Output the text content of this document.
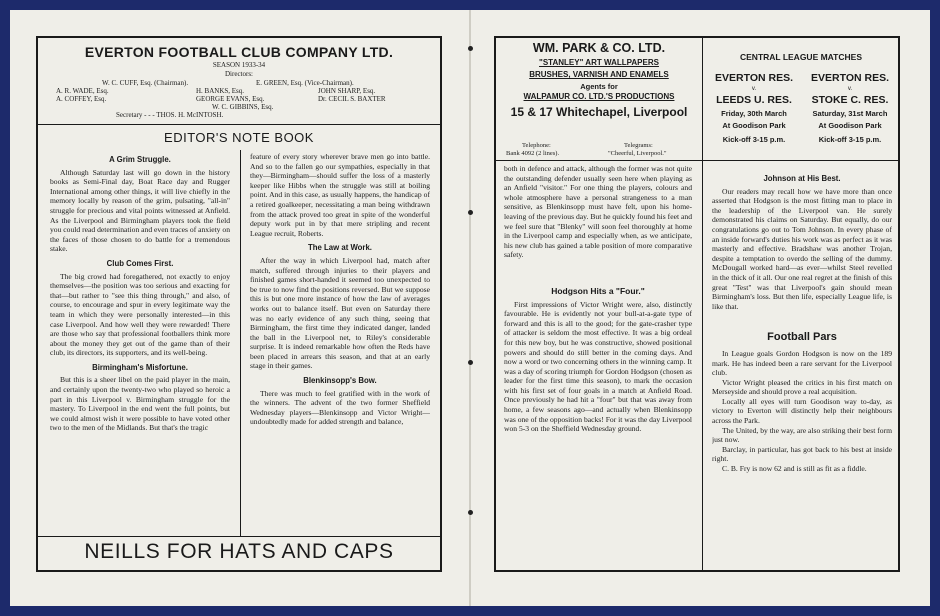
EVERTON FOOTBALL CLUB COMPANY LTD.
SEASON 1933-34
Directors:
W. C. CUFF, Esq. (Chairman).	E. GREEN, Esq. (Vice-Chairman).
A. R. WADE, Esq.	H. BANKS, Esq.	JOHN SHARP, Esq.
A. COFFEY, Esq.	GEORGE EVANS, Esq.	Dr. CECIL S. BAXTER
W. C. GIBBINS, Esq.
Secretary - - - THOS. H. McINTOSH.
EDITOR'S NOTE BOOK
A Grim Struggle.

Although Saturday last will go down in the history books as Semi-Final day, Boat Race day and Rugger International among other things, it will live chiefly in the memory locally by reason of the grim, pulsating, "all-in" struggle for precious and vital points witnessed at Anfield. As the Liverpool and Birmingham players took the field you could read determination and even traces of anxiety on the faces of those chosen to do battle for a tremendous stake.

Club Comes First.

The big crowd had foregathered, not exactly to enjoy themselves—the position was too serious and exacting for that—but rather to "see this thing through," and also, of course, to encourage and spur in every legitimate way the team in which they were personally interested—in this case Liverpool. And how well they were rewarded! There are those who say that professional footballers think more about the money they get out of the game than of their club, its directors, its supporters, and its well-being.

Birmingham's Misfortune.

But this is a sheer libel on the paid player in the main, and certainly upon the twenty-two who played so heroic a part in this Liverpool v. Birmingham struggle for the mastery. To Liverpool in the end went the full points, but we could almost wish it were possible to have voted other two to the men of the Midlands. But that's the tragic

feature of every story wherever brave men go into battle. And so to the fallen go our sympathies, especially in that they—Birmingham—should suffer the loss of a masterly keeper like Hibbs when the struggle was still at boiling point. And in this case, as usually happens, the handicap of a retired goalkeeper, necessitating a man being withdrawn from the attack proved too great in spite of the wonderful deputy work put in by that mere stripling and recent League recruit, Roberts.

The Law at Work.

After the way in which Liverpool had, match after match, suffered through injuries to their players and finished games short-handed it seemed too unexpected to be true to now find the positions reversed. But we suppose this is but one more instance of how the law of averages works out to balance itself. But even on Saturday there was no early evidence of any such thing, seeing that Birmingham, the first time they indicated danger, landed the ball in the Liverpool net, to Riley's considerable surprise. It is indeed remarkable how often the Reds have been placed in arrears this season, and that at an early stage in their games.

Blenkinsopp's Bow.

There was much to feel gratified with in the work of the winners. The advent of the two former Sheffield Wednesday players—Blenkinsopp and Victor Wright—undoubtedly made for added strength and balance,

NEILLS FOR HATS AND CAPS
WM. PARK & CO. LTD.
"STANLEY" ART WALLPAPERS
BRUSHES, VARNISH AND ENAMELS
Agents for
WALPAMUR CO. LTD.'S PRODUCTIONS
15 & 17 Whitechapel, Liverpool
Telephone:
Bank 4092 (2 lines).
Telegrams:
"Cheerful, Liverpool."
CENTRAL LEAGUE MATCHES
EVERTON RES.
v.
LEEDS U. RES.
Friday, 30th March
At Goodison Park
Kick-off 3-15 p.m.
EVERTON RES.
v.
STOKE C. RES.
Saturday, 31st March
At Goodison Park
Kick-off 3-15 p.m.

both in defence and attack, although the former was not quite the outstanding defender usually seen here when playing as an Anfield "visitor." For one thing the players, colours and whole atmosphere have a personal strangeness to a man sensitive, as Blenkinsopp must have felt, upon his home-leaving of the previous day. But he quickly found his feet and we feel sure that "Blenky" will soon feel thoroughly at home in the Liverpool camp and especially when, as we anticipate, his new club has gained a table position of more comparative safety.

Hodgson Hits a "Four."

First impressions of Victor Wright were, also, distinctly favourable. He is evidently not your bull-at-a-gate type of forward and this is all to the good; for the gate-crasher type of attacker is seldom the most effective. It was a big ordeal for this new boy, but he was constructive, showed positional powers and should do still better in the coming days. And now a word or two concerning others in the winning camp. It was a day of scoring triumph for Gordon Hodgson (chosen as leader for the first time this season), to mark the occasion with his first set of four goals in a match at Anfield Road. Once previously he had hit a "four" but that was away from home, a few seasons ago—and actually when Blenkinsopp was one of the opposition backs! For it was the day Liverpool won 5-3 on the Sheffield Wednesday ground.

Johnson at His Best.

Our readers may recall how we have more than once asserted that Hodgson is the most fitting man to place in the leadership of the Liverpool van. He surely demonstrated his claims on Saturday. But equally, do our congratulations go out to Tom Johnson. In every phase of an inside forward's duties his work was as perfect as it was masterly and effective. Bradshaw was another Trojan, despite a temptation to overdo the selling of the dummy. McDougall worked hard—as ever—whilst Steel revelled in the thick of it all. Our one real regret at the finish of this great "Test" was that Liverpool's gain should mean Birmingham's loss. But then life, especially League life, is like that.

Football Pars

In League goals Gordon Hodgson is now on the 189 mark. He has indeed been a rare servant for the Liverpool club.

Victor Wright pleased the critics in his first match on Merseyside and should prove a real acquisition.

Locally all eyes will turn Goodison way to-day, as victory to Everton will distinctly help their neighbours across the Park.

The United, by the way, are also striking their best form just now.

Barclay, in particular, has got back to his best at inside right.

C. B. Fry is now 62 and is still as fit as a fiddle.
